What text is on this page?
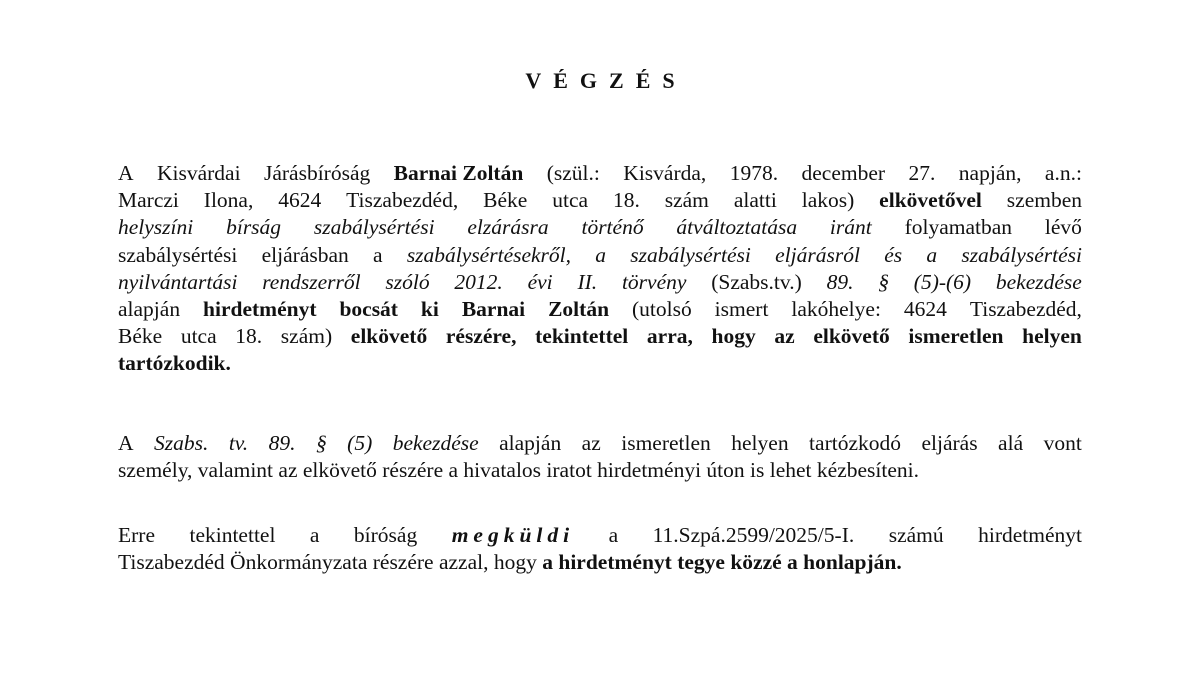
VÉGZÉS
A Kisvárdai Járásbíróság Barnai Zoltán (szül.: Kisvárda, 1978. december 27. napján, a.n.:
Marczi Ilona, 4624 Tiszabezdéd, Béke utca 18. szám alatti lakos) elkövetővel szemben
helyszíni bírság szabálysértési elzárásra történő átváltoztatása iránt folyamatban lévő
szabálysértési eljárásban a szabálysértésekről, a szabálysértési eljárásról és a szabálysértési
nyilvántartási rendszerről szóló 2012. évi II. törvény (Szabs.tv.) 89. § (5)-(6) bekezdése
alapján hirdetményt bocsát ki Barnai Zoltán (utolsó ismert lakóhelye: 4624 Tiszabezdéd,
Béke utca 18. szám) elkövető részére, tekintettel arra, hogy az elkövető ismeretlen helyen
tartózkodik.
A Szabs. tv. 89. § (5) bekezdése alapján az ismeretlen helyen tartózkodó eljárás alá vont
személy, valamint az elkövető részére a hivatalos iratot hirdetményi úton is lehet kézbesíteni.
Erre tekintettel a bíróság megküldi a 11.Szpá.2599/2025/5-I. számú hirdetményt
Tiszabezdéd Önkormányzata részére azzal, hogy a hirdetményt tegye közzé a honlapján.
